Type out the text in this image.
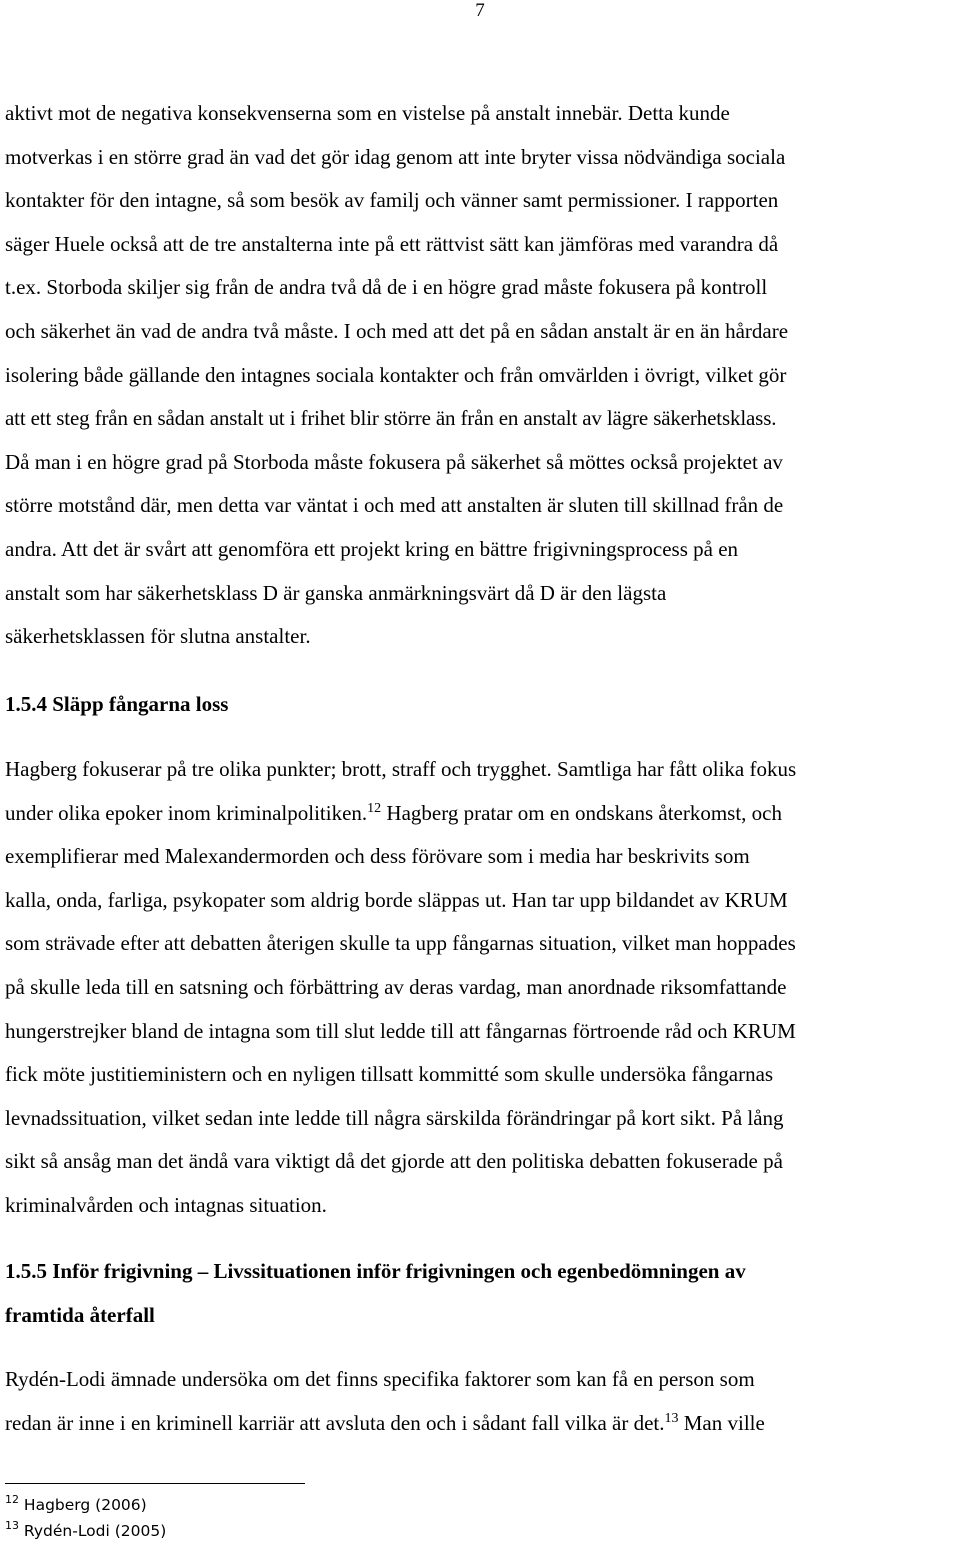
7
aktivt mot de negativa konsekvenserna som en vistelse på anstalt innebär. Detta kunde
motverkas i en större grad än vad det gör idag genom att inte bryter vissa nödvändiga sociala
kontakter för den intagne, så som besök av familj och vänner samt permissioner. I rapporten
säger Huele också att de tre anstalterna inte på ett rättvist sätt kan jämföras med varandra då
t.ex. Storboda skiljer sig från de andra två då de i en högre grad måste fokusera på kontroll
och säkerhet än vad de andra två måste. I och med att det på en sådan anstalt är en än hårdare
isolering både gällande den intagnes sociala kontakter och från omvärlden i övrigt, vilket gör
att ett steg från en sådan anstalt ut i frihet blir större än från en anstalt av lägre säkerhetsklass.
Då man i en högre grad på Storboda måste fokusera på säkerhet så möttes också projektet av
större motstånd där, men detta var väntat i och med att anstalten är sluten till skillnad från de
andra. Att det är svårt att genomföra ett projekt kring en bättre frigivningsprocess på en
anstalt som har säkerhetsklass D är ganska anmärkningsvärt då D är den lägsta
säkerhetsklassen för slutna anstalter.
1.5.4 Släpp fångarna loss
Hagberg fokuserar på tre olika punkter; brott, straff och trygghet. Samtliga har fått olika fokus
under olika epoker inom kriminalpolitiken.$^{12}$ Hagberg pratar om en ondskans återkomst, och
exemplifierar med Malexandermorden och dess förövare som i media har beskrivits som
kalla, onda, farliga, psykopater som aldrig borde släppas ut. Han tar upp bildandet av KRUM
som strävade efter att debatten återigen skulle ta upp fångarnas situation, vilket man hoppades
på skulle leda till en satsning och förbättring av deras vardag, man anordnade riksomfattande
hungerstrejker bland de intagna som till slut ledde till att fångarnas förtroende råd och KRUM
fick möte justitieministern och en nyligen tillsatt kommitté som skulle undersöka fångarnas
levnadssituation, vilket sedan inte ledde till några särskilda förändringar på kort sikt. På lång
sikt så ansåg man det ändå vara viktigt då det gjorde att den politiska debatten fokuserade på
kriminalvården och intagnas situation.
1.5.5 Inför frigivning – Livssituationen inför frigivningen och egenbedömningen av
framtida återfall
Rydén-Lodi ämnade undersöka om det finns specifika faktorer som kan få en person som
redan är inne i en kriminell karriär att avsluta den och i sådant fall vilka är det.$^{13}$ Man ville
$^{12}$ Hagberg (2006)
$^{13}$ Rydén-Lodi (2005)
